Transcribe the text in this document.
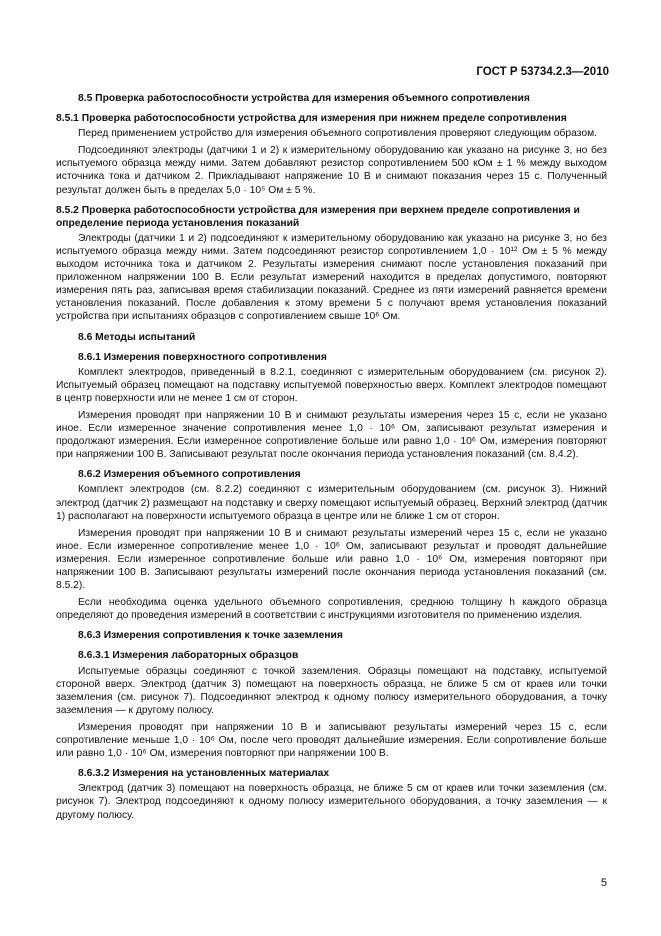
ГОСТ Р 53734.2.3—2010
8.5 Проверка работоспособности устройства для измерения объемного сопротивления
8.5.1 Проверка работоспособности устройства для измерения при нижнем пределе сопротивления

Перед применением устройство для измерения объемного сопротивления проверяют следующим образом.

Подсоединяют электроды (датчики 1 и 2) к измерительному оборудованию как указано на рисунке 3, но без испытуемого образца между ними. Затем добавляют резистор сопротивлением 500 кОм ± 1 % между выходом источника тока и датчиком 2. Прикладывают напряжение 10 В и снимают показания через 15 с. Полученный результат должен быть в пределах 5,0 · 10⁵ Ом ± 5 %.

8.5.2 Проверка работоспособности устройства для измерения при верхнем пределе сопротивления и определение периода установления показаний

Электроды (датчики 1 и 2) подсоединяют к измерительному оборудованию как указано на рисунке 3, но без испытуемого образца между ними. Затем подсоединяют резистор сопротивлением 1,0 · 10¹² Ом ± 5 % между выходом источника тока и датчиком 2. Результаты измерения снимают после установления показаний при приложенном напряжении 100 В. Если результат измерений находится в пределах допустимого, повторяют измерения пять раз, записывая время стабилизации показаний. Среднее из пяти измерений равняется времени установления показаний. После добавления к этому времени 5 с получают время установления показаний устройства при испытаниях образцов с сопротивлением свыше 10⁶ Ом.

8.6 Методы испытаний
8.6.1 Измерения поверхностного сопротивления

Комплект электродов, приведенный в 8.2.1, соединяют с измерительным оборудованием (см. рисунок 2). Испытуемый образец помещают на подставку испытуемой поверхностью вверх. Комплект электродов помещают в центр поверхности или не менее 1 см от сторон.

Измерения проводят при напряжении 10 В и снимают результаты измерения через 15 с, если не указано иное. Если измеренное значение сопротивления менее 1,0 · 10⁶ Ом, записывают результат измерения и продолжают измерения. Если измеренное сопротивление больше или равно 1,0 · 10⁶ Ом, измерения повторяют при напряжении 100 В. Записывают результат после окончания периода установления показаний (см. 8.4.2).

8.6.2 Измерения объемного сопротивления

Комплект электродов (см. 8.2.2) соединяют с измерительным оборудованием (см. рисунок 3). Нижний электрод (датчик 2) размещают на подставку и сверху помещают испытуемый образец. Верхний электрод (датчик 1) располагают на поверхности испытуемого образца в центре или не ближе 1 см от сторон.

Измерения проводят при напряжении 10 В и снимают результаты измерений через 15 с, если не указано иное. Если измеренное сопротивление менее 1,0 · 10⁶ Ом, записывают результат и проводят дальнейшие измерения. Если измеренное сопротивление больше или равно 1,0 · 10⁶ Ом, измерения повторяют при напряжении 100 В. Записывают результаты измерений после окончания периода установления показаний (см. 8.5.2).

Если необходима оценка удельного объемного сопротивления, среднюю толщину h каждого образца определяют до проведения измерений в соответствии с инструкциями изготовителя по применению изделия.

8.6.3 Измерения сопротивления к точке заземления
8.6.3.1 Измерения лабораторных образцов

Испытуемые образцы соединяют с точкой заземления. Образцы помещают на подставку, испытуемой стороной вверх. Электрод (датчик 3) помещают на поверхность образца, не ближе 5 см от краев или точки заземления (см. рисунок 7). Подсоединяют электрод к одному полюсу измерительного оборудования, а точку заземления — к другому полюсу.

Измерения проводят при напряжении 10 В и записывают результаты измерений через 15 с, если сопротивление меньше 1,0 · 10⁶ Ом, после чего проводят дальнейшие измерения. Если сопротивление больше или равно 1,0 · 10⁶ Ом, измерения повторяют при напряжении 100 В.

8.6.3.2 Измерения на установленных материалах

Электрод (датчик 3) помещают на поверхность образца, не ближе 5 см от краев или точки заземления (см. рисунок 7). Электрод подсоединяют к одному полюсу измерительного оборудования, а точку заземления — к другому полюсу.

5
